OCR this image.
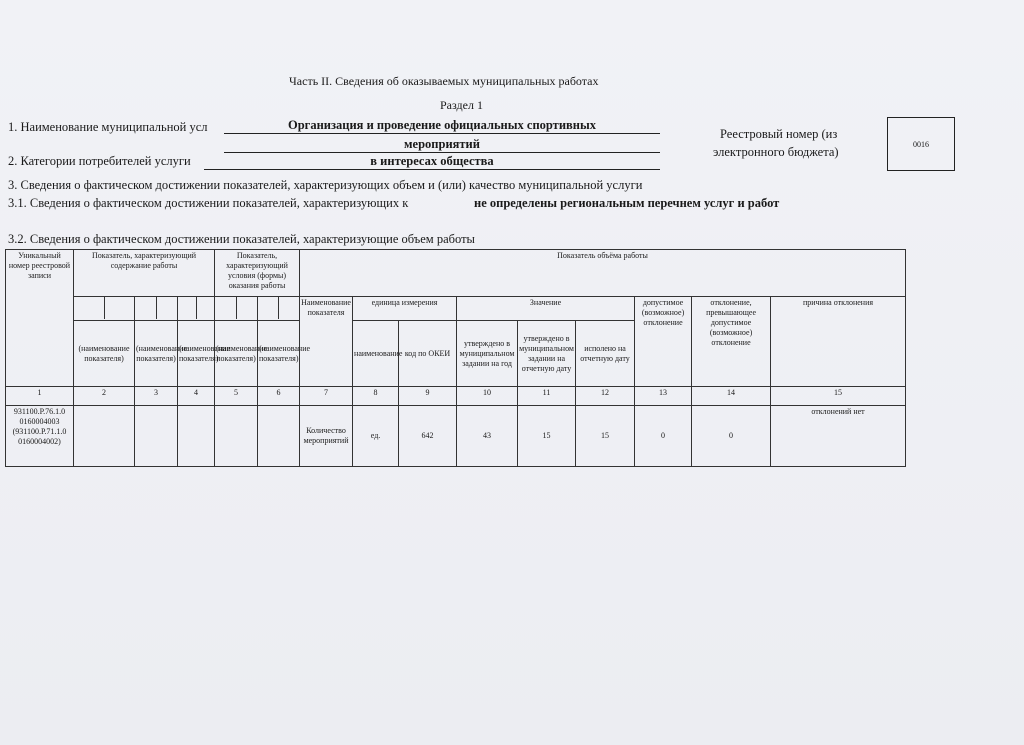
Часть II. Сведения об оказываемых муниципальных работах
Раздел 1
1. Наименование муниципальной усл	Организация и проведение официальных спортивных
мероприятий
2. Категории потребителей услуги	в интересах общества
Реестровый номер (из
электронного бюджета)
0016
3. Сведения о фактическом достижении показателей, характеризующих объем и (или) качество муниципальной услуги
3.1. Сведения о фактическом достижении показателей, характеризующих к	не определены региональным перечнем услуг и работ
3.2. Сведения о фактическом достижении показателей, характеризующие объем работы
Уникальный номер реестровой записи	Показатель, характеризующий содержание работы			Показатель, характеризующий условия (формы) оказания работы		Показатель объёма работы								

		Наименование показателя	единица измерения		Значение			допустимое (возможное) отклонение	отклонение, превышающее допустимое (возможное) отклонение	причина отклонения
	(наименование показателя)	(наименование показателя)	(наименование показателя)	(наименование показателя)	(наименование показателя)		наименование	код по ОКЕИ	утверждено в муниципальном задании на год	утверждено в муниципальном задании на отчетную дату	исполено на отчетную дату			
1	2	3	4	5	6	7	8	9	10	11	12	13	14	15
931100.Р.76.1.0 0160004003 (931100.Р.71.1.0 0160004002)						Количество мероприятий	ед.	642	43	15	15	0	0	отклонений нет
